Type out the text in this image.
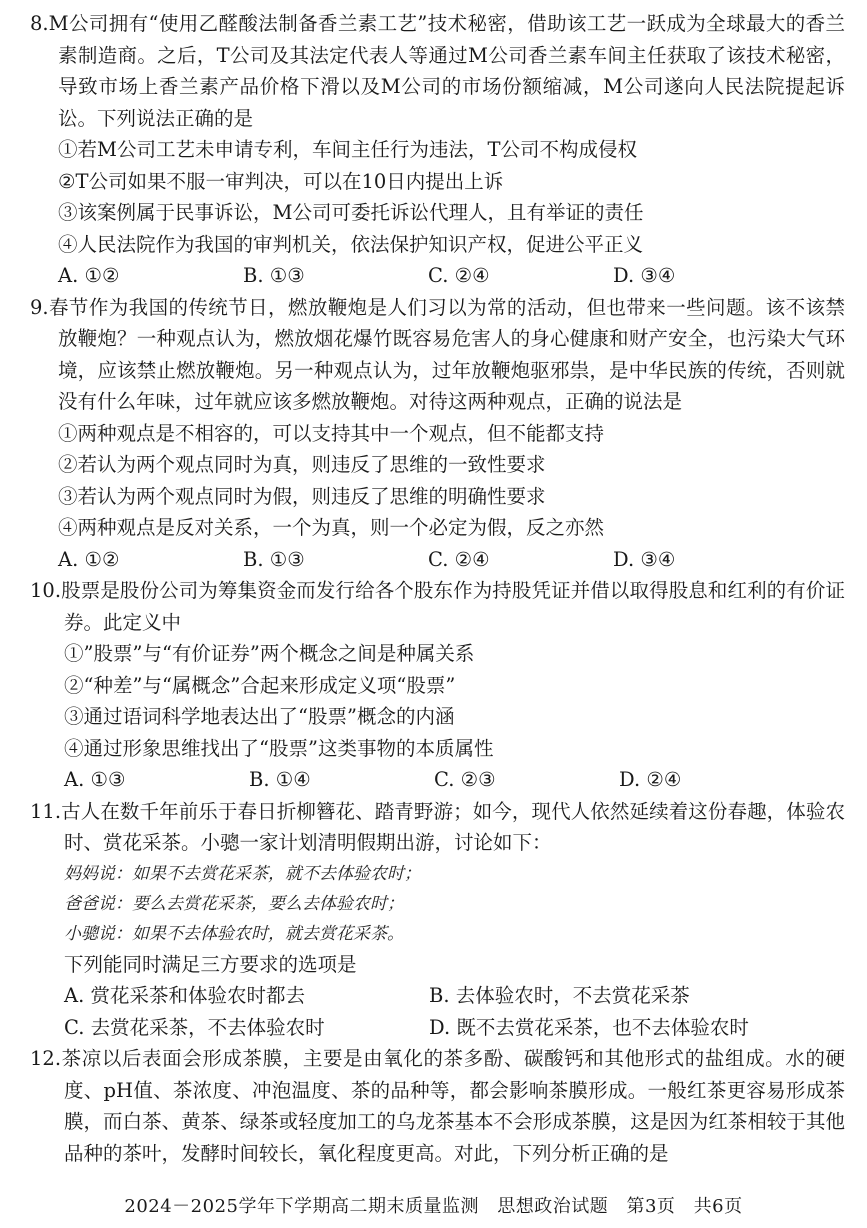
8.M公司拥有“使用乙醛酸法制备香兰素工艺”技术秘密，借助该工艺一跃成为全球最大的香兰素制造商。之后，T公司及其法定代表人等通过M公司香兰素车间主任获取了该技术秘密，导致市场上香兰素产品价格下滑以及M公司的市场份额缩减，M公司遂向人民法院提起诉讼。下列说法正确的是

①若M公司工艺未申请专利，车间主任行为违法，T公司不构成侵权

②T公司如果不服一审判决，可以在10日内提出上诉

③该案例属于民事诉讼，M公司可委托诉讼代理人，且有举证的责任

④人民法院作为我国的审判机关，依法保护知识产权，促进公平正义

A. ①②	B. ①③	C. ②④	D. ③④

9.春节作为我国的传统节日，燃放鞭炮是人们习以为常的活动，但也带来一些问题。该不该禁放鞭炮？一种观点认为，燃放烟花爆竹既容易危害人的身心健康和财产安全，也污染大气环境，应该禁止燃放鞭炮。另一种观点认为，过年放鞭炮驱邪祟，是中华民族的传统，否则就没有什么年味，过年就应该多燃放鞭炮。对待这两种观点，正确的说法是

①两种观点是不相容的，可以支持其中一个观点，但不能都支持

②若认为两个观点同时为真，则违反了思维的一致性要求

③若认为两个观点同时为假，则违反了思维的明确性要求

④两种观点是反对关系，一个为真，则一个必定为假，反之亦然

A. ①②	B. ①③	C. ②④	D. ③④

10.股票是股份公司为筹集资金而发行给各个股东作为持股凭证并借以取得股息和红利的有价证券。此定义中

①”股票”与“有价证券”两个概念之间是种属关系

②“种差”与“属概念”合起来形成定义项“股票”

③通过语词科学地表达出了“股票”概念的内涵

④通过形象思维找出了“股票”这类事物的本质属性

A. ①③	B. ①④	C. ②③	D. ②④

11.古人在数千年前乐于春日折柳簪花、踏青野游；如今，现代人依然延续着这份春趣，体验农时、赏花采茶。小骢一家计划清明假期出游，讨论如下：

妈妈说：如果不去赏花采茶，就不去体验农时；

爸爸说：要么去赏花采茶，要么去体验农时；

小骢说：如果不去体验农时，就去赏花采茶。

下列能同时满足三方要求的选项是

A. 赏花采茶和体验农时都去	B. 去体验农时，不去赏花采茶
C. 去赏花采茶，不去体验农时	D. 既不去赏花采茶，也不去体验农时

12.茶凉以后表面会形成茶膜，主要是由氧化的茶多酚、碳酸钙和其他形式的盐组成。水的硬度、pH值、茶浓度、冲泡温度、茶的品种等，都会影响茶膜形成。一般红茶更容易形成茶膜，而白茶、黄茶、绿茶或轻度加工的乌龙茶基本不会形成茶膜，这是因为红茶相较于其他品种的茶叶，发酵时间较长，氧化程度更高。对此，下列分析正确的是

2024－2025学年下学期高二期末质量监测 思想政治试题 第3页 共6页
